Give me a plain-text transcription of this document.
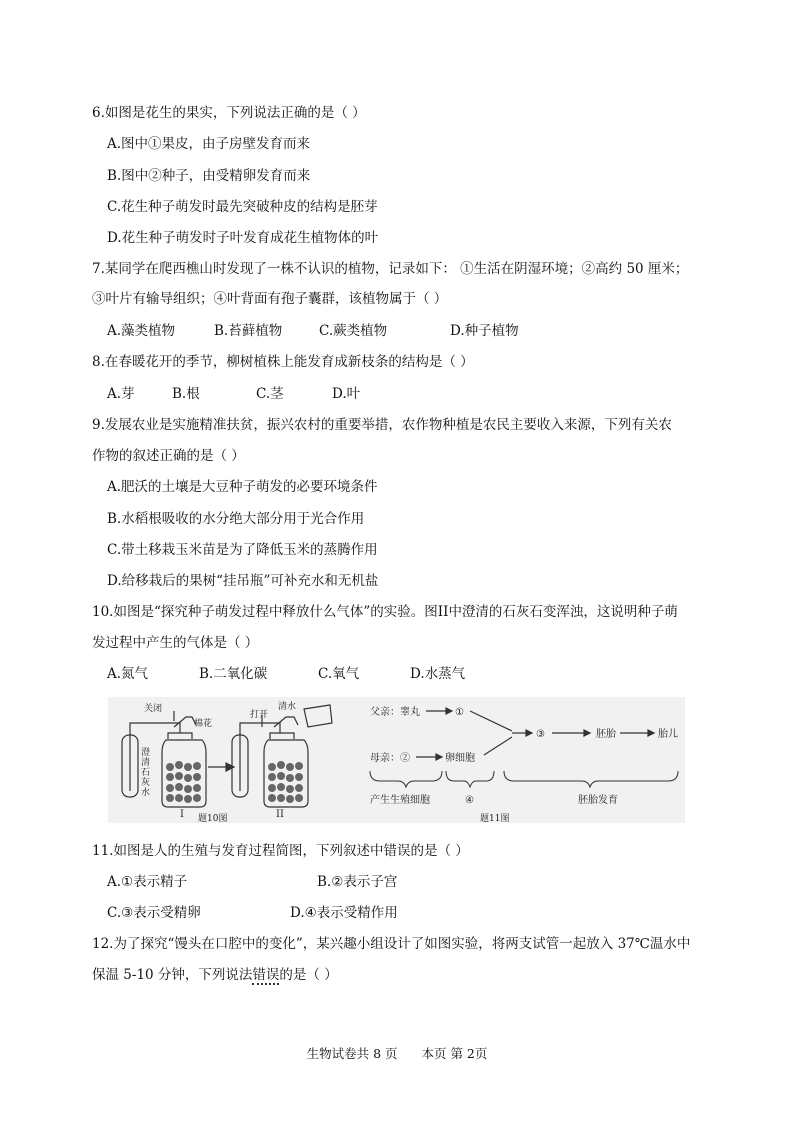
6.如图是花生的果实，下列说法正确的是（ ）
A.图中①果皮，由子房壁发育而来
B.图中②种子，由受精卵发育而来
C.花生种子萌发时最先突破种皮的结构是胚芽
D.花生种子萌发时子叶发育成花生植物体的叶
7.某同学在爬西樵山时发现了一株不认识的植物，记录如下： ①生活在阴湿环境；②高约 50 厘米；
③叶片有输导组织；④叶背面有孢子囊群，该植物属于（ ）
A.藻类植物	B.苔藓植物	C.蕨类植物	D.种子植物
8.在春暖花开的季节，柳树植株上能发育成新枝条的结构是（ ）
A.芽	B.根	C.茎	D.叶
9.发展农业是实施精准扶贫，振兴农村的重要举措，农作物种植是农民主要收入来源，下列有关农
作物的叙述正确的是（ ）
A.肥沃的土壤是大豆种子萌发的必要环境条件
B.水稻根吸收的水分绝大部分用于光合作用
C.带土移栽玉米苗是为了降低玉米的蒸腾作用
D.给移栽后的果树“挂吊瓶”可补充水和无机盐
10.如图是“探究种子萌发过程中释放什么气体”的实验。图II中澄清的石灰石变浑浊，这说明种子萌
发过程中产生的气体是（ ）
A.氮气	B.二氧化碳	C.氧气	D.水蒸气
澄
清
石
灰
水
关闭
棉花
I
打开
清水
II
题10图
父亲：睾丸	①
母亲：②	卵细胞
③	胚胎	胎儿
产生生殖细胞	④	胚胎发育
题11图
11.如图是人的生殖与发育过程简图，下列叙述中错误的是（ ）
A.①表示精子	B.②表示子宫
C.③表示受精卵	D.④表示受精作用
12.为了探究“馒头在口腔中的变化”，某兴趣小组设计了如图实验，将两支试管一起放入 37℃温水中
保温 5-10 分钟，下列说法错误的是（ ）
生物试卷共 8 页 本页 第 2页
